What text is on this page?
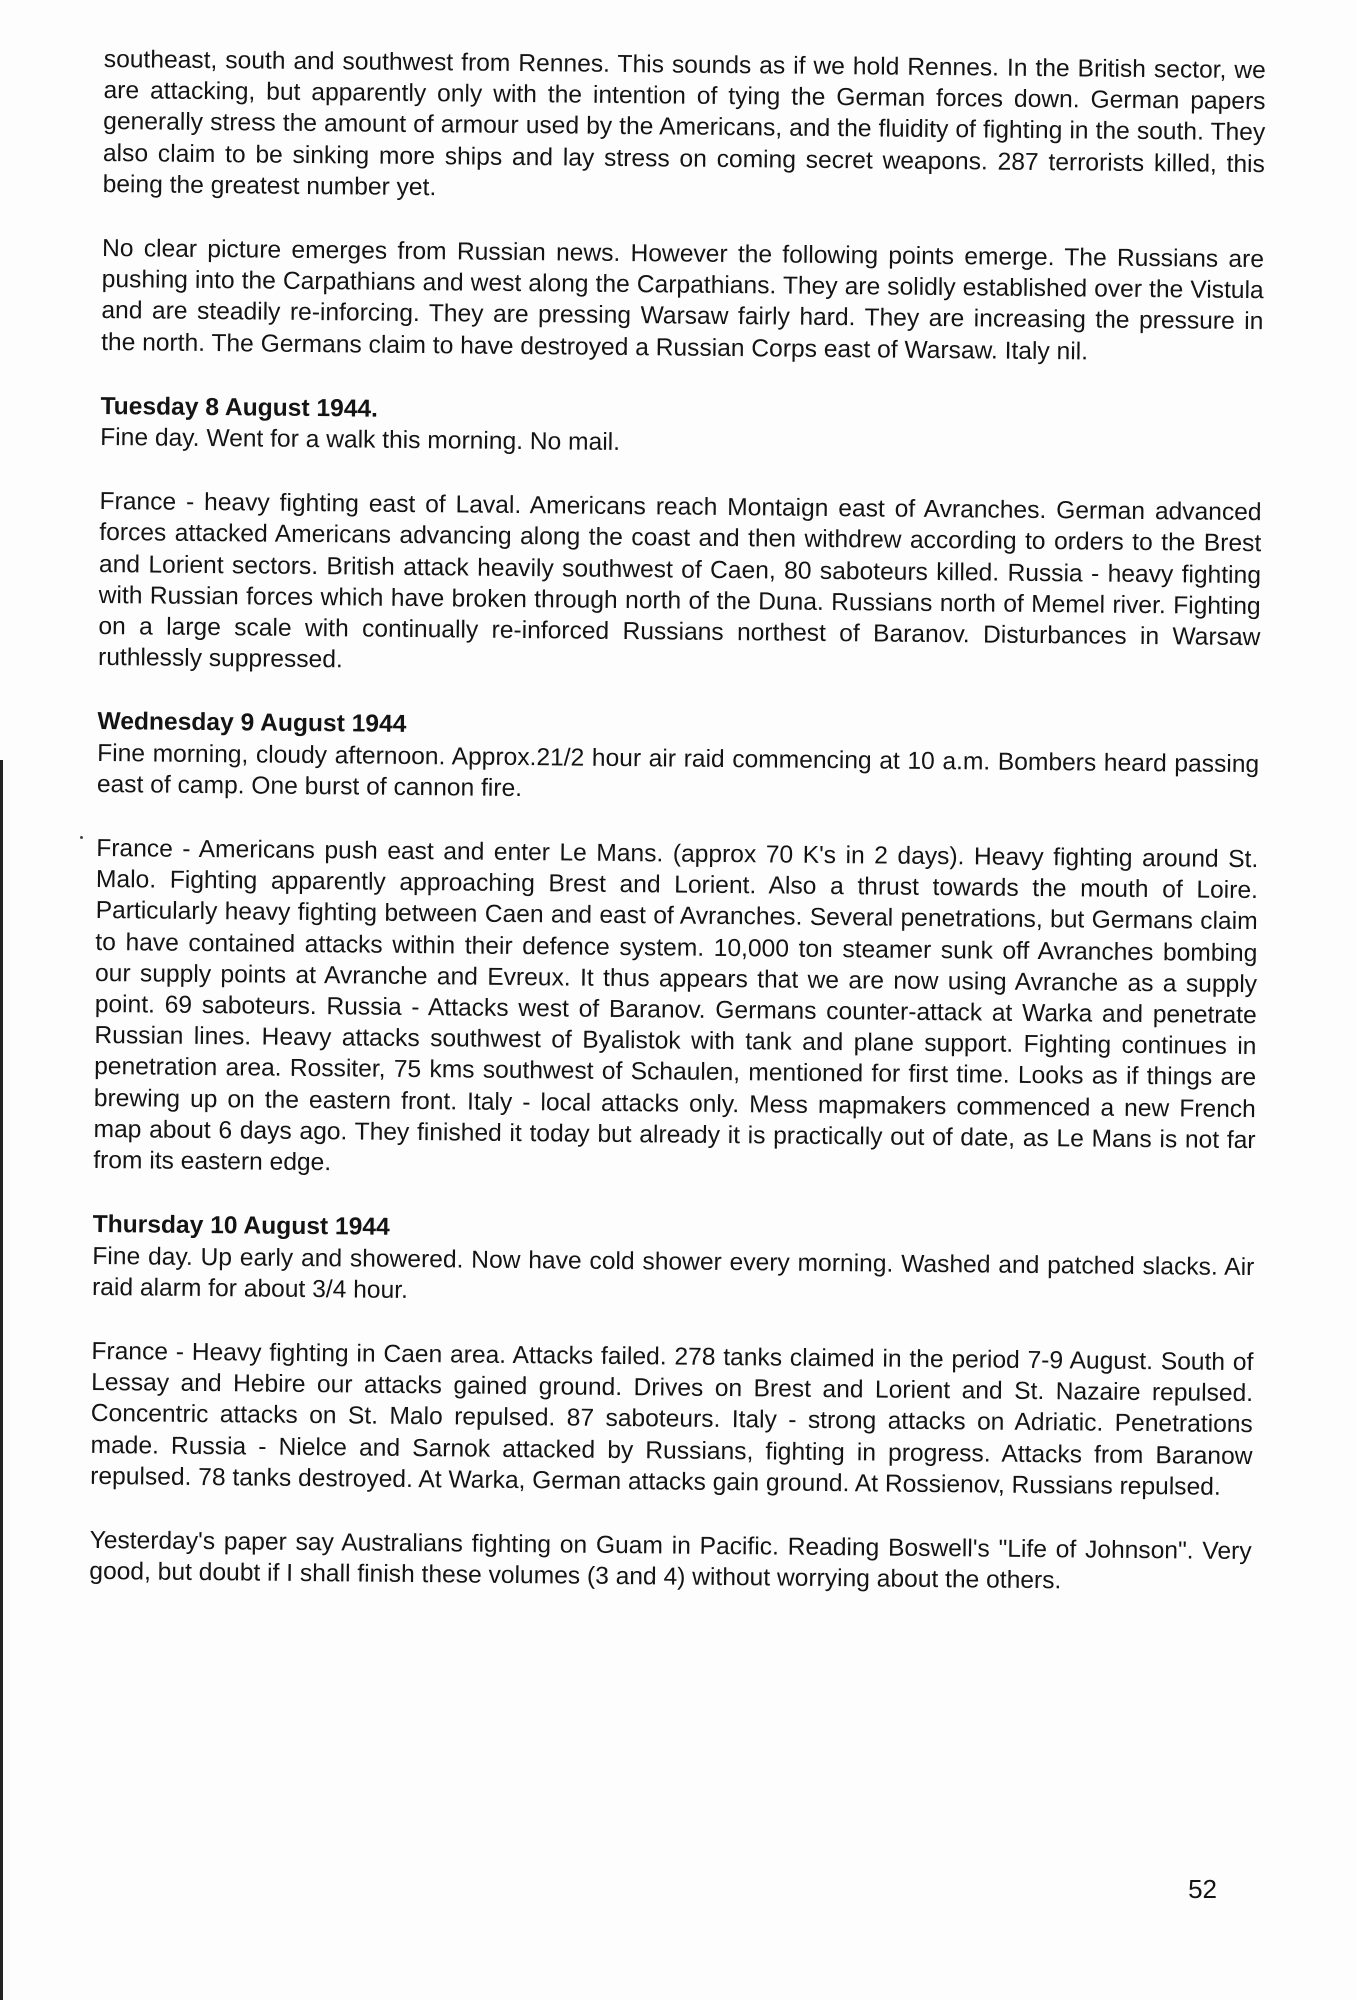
southeast, south and southwest from Rennes. This sounds as if we hold Rennes. In the British sector, we are attacking, but apparently only with the intention of tying the German forces down. German papers generally stress the amount of armour used by the Americans, and the fluidity of fighting in the south. They also claim to be sinking more ships and lay stress on coming secret weapons. 287 terrorists killed, this being the greatest number yet.

No clear picture emerges from Russian news. However the following points emerge. The Russians are pushing into the Carpathians and west along the Carpathians. They are solidly established over the Vistula and are steadily re-inforcing. They are pressing Warsaw fairly hard. They are increasing the pressure in the north. The Germans claim to have destroyed a Russian Corps east of Warsaw. Italy nil.

Tuesday 8 August 1944.

Fine day. Went for a walk this morning. No mail.

France - heavy fighting east of Laval. Americans reach Montaign east of Avranches. German advanced forces attacked Americans advancing along the coast and then withdrew according to orders to the Brest and Lorient sectors. British attack heavily southwest of Caen, 80 saboteurs killed. Russia - heavy fighting with Russian forces which have broken through north of the Duna. Russians north of Memel river. Fighting on a large scale with continually re-inforced Russians northest of Baranov. Disturbances in Warsaw ruthlessly suppressed.

Wednesday 9 August 1944

Fine morning, cloudy afternoon. Approx.21/2 hour air raid commencing at 10 a.m. Bombers heard passing east of camp. One burst of cannon fire.

France - Americans push east and enter Le Mans. (approx 70 K's in 2 days). Heavy fighting around St. Malo. Fighting apparently approaching Brest and Lorient. Also a thrust towards the mouth of Loire. Particularly heavy fighting between Caen and east of Avranches. Several penetrations, but Germans claim to have contained attacks within their defence system. 10,000 ton steamer sunk off Avranches bombing our supply points at Avranche and Evreux. It thus appears that we are now using Avranche as a supply point. 69 saboteurs. Russia - Attacks west of Baranov. Germans counter-attack at Warka and penetrate Russian lines. Heavy attacks southwest of Byalistok with tank and plane support. Fighting continues in penetration area. Rossiter, 75 kms southwest of Schaulen, mentioned for first time. Looks as if things are brewing up on the eastern front. Italy - local attacks only. Mess mapmakers commenced a new French map about 6 days ago. They finished it today but already it is practically out of date, as Le Mans is not far from its eastern edge.

Thursday 10 August 1944

Fine day. Up early and showered. Now have cold shower every morning. Washed and patched slacks. Air raid alarm for about 3/4 hour.

France - Heavy fighting in Caen area. Attacks failed. 278 tanks claimed in the period 7-9 August. South of Lessay and Hebire our attacks gained ground. Drives on Brest and Lorient and St. Nazaire repulsed. Concentric attacks on St. Malo repulsed. 87 saboteurs. Italy - strong attacks on Adriatic. Penetrations made. Russia - Nielce and Sarnok attacked by Russians, fighting in progress. Attacks from Baranow repulsed. 78 tanks destroyed. At Warka, German attacks gain ground. At Rossienov, Russians repulsed.

Yesterday's paper say Australians fighting on Guam in Pacific. Reading Boswell's "Life of Johnson". Very good, but doubt if I shall finish these volumes (3 and 4) without worrying about the others.

52
